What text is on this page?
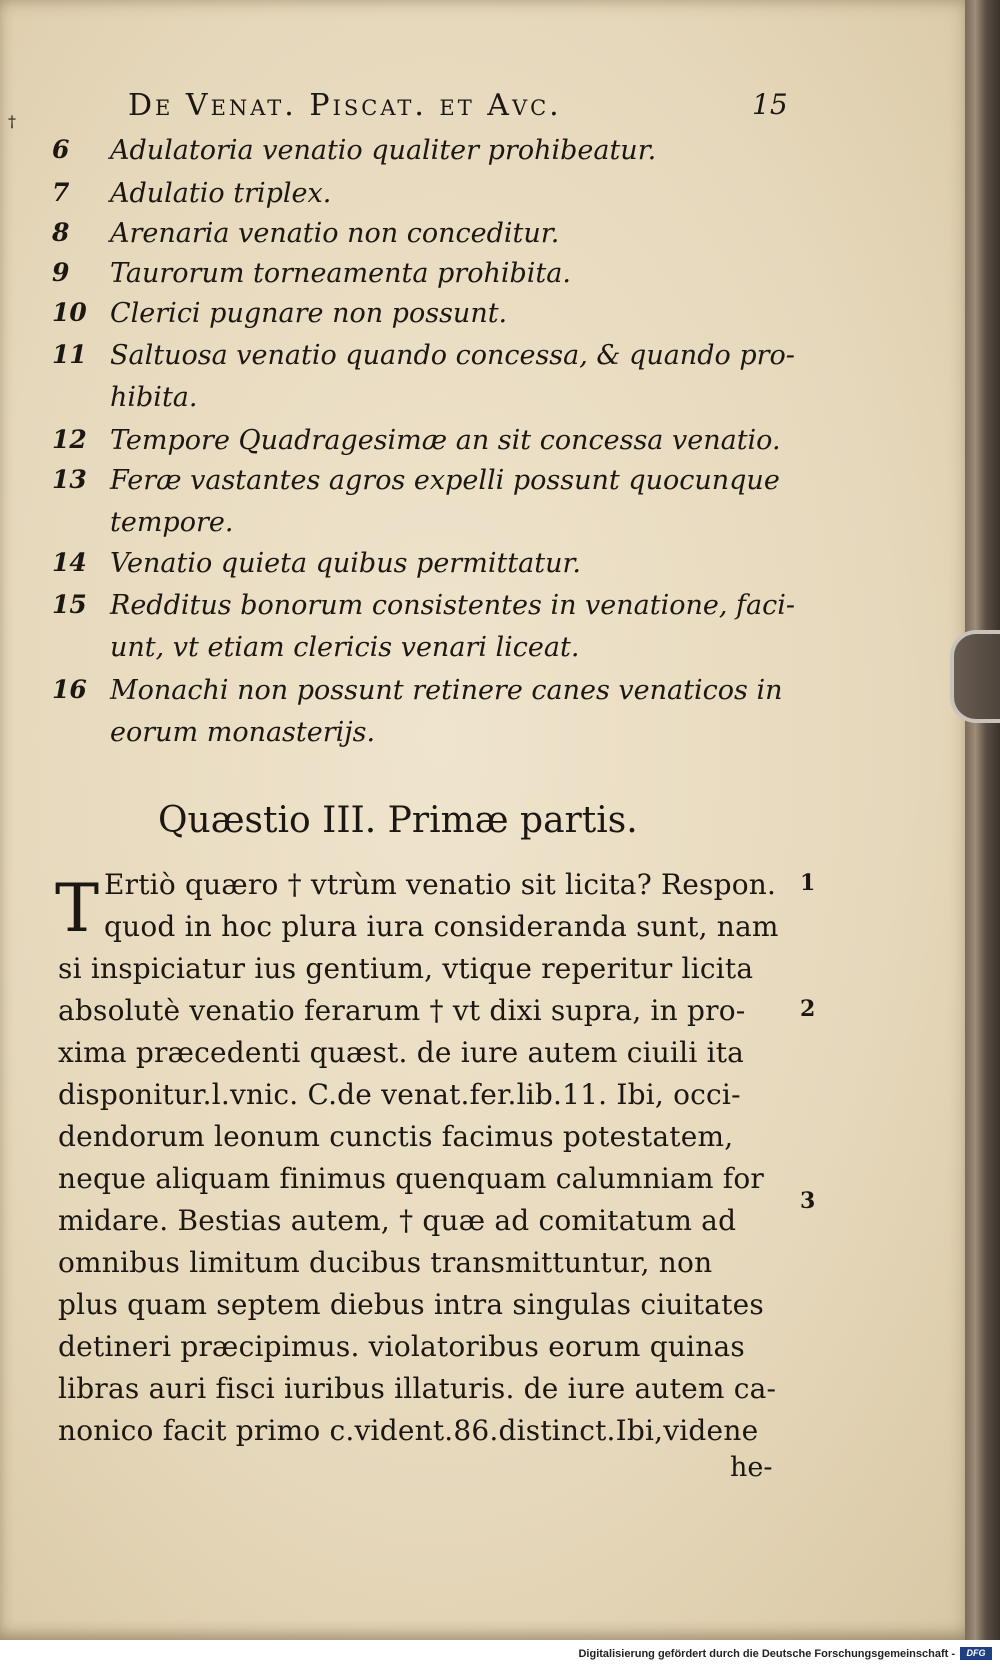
De Venat. Piscat. et Avc.	15
†
6 Adulatoria venatio qualiter prohibeatur.
7 Adulatio triplex.
8 Arenaria venatio non conceditur.
9 Taurorum torneamenta prohibita.
10 Clerici pugnare non possunt.
11 Saltuosa venatio quando concessa, & quando pro-
hibita.
12 Tempore Quadragesimæ an sit concessa venatio.
13 Feræ vastantes agros expelli possunt quocunque
tempore.
14 Venatio quieta quibus permittatur.
15 Redditus bonorum consistentes in venatione, faci-
unt, vt etiam clericis venari liceat.
16 Monachi non possunt retinere canes venaticos in
eorum monasterijs.
Quæstio III. Primæ partis.
T Ertiò quæro † vtrùm venatio sit licita? Respon.
quod in hoc plura iura consideranda sunt, nam
si inspiciatur ius gentium, vtique reperitur licita
absolutè venatio ferarum † vt dixi supra, in pro-
xima præcedenti quæst. de iure autem ciuili ita
disponitur.l.vnic. C.de venat.fer.lib.11. Ibi, occi-
dendorum leonum cunctis facimus potestatem,
neque aliquam finimus quenquam calumniam for
midare. Bestias autem, † quæ ad comitatum ad
omnibus limitum ducibus transmittuntur, non
plus quam septem diebus intra singulas ciuitates
detineri præcipimus. violatoribus eorum quinas
libras auri fisci iuribus illaturis. de iure autem ca-
nonico facit primo c.vident.86.distinct.Ibi,videne
he-
1
2
3
Digitalisierung gefördert durch die Deutsche Forschungsgemeinschaft -	DFG
